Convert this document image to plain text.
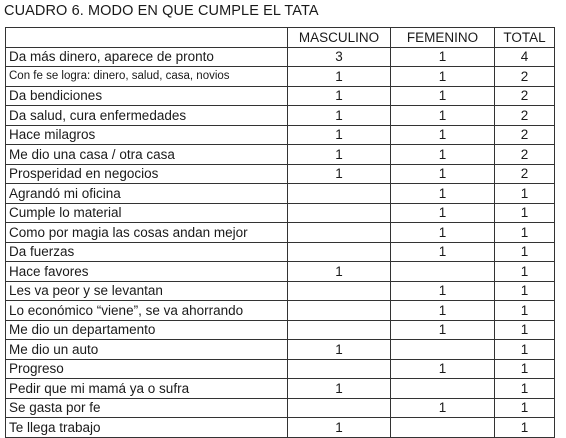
CUADRO 6. MODO EN QUE CUMPLE EL TATA
	MASCULINO	FEMENINO	TOTAL
Da más dinero, aparece de pronto	3	1	4
Con fe se logra: dinero, salud, casa, novios	1	1	2
Da bendiciones	1	1	2
Da salud, cura enfermedades	1	1	2
Hace milagros	1	1	2
Me dio una casa / otra casa	1	1	2
Prosperidad en negocios	1	1	2
Agrandó mi oficina		1	1
Cumple lo material		1	1
Como por magia las cosas andan mejor		1	1
Da fuerzas		1	1
Hace favores	1		1
Les va peor y se levantan		1	1
Lo económico “viene”, se va ahorrando		1	1
Me dio un departamento		1	1
Me dio un auto	1		1
Progreso		1	1
Pedir que mi mamá ya o sufra	1		1
Se gasta por fe		1	1
Te llega trabajo	1		1
